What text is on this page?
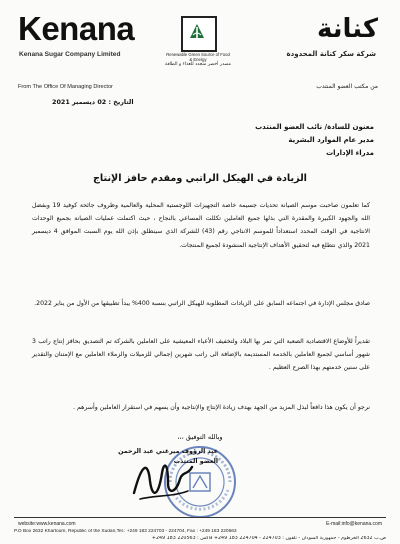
Kenana
Kenana Sugar Company Limited	Renewable Green Source of Food & Energy
مصدر أخضر متجدد للغذاء و الطاقة
كنانة
شركة سكر كنانة المحدودة
From The Office Of Managing Director	من مكتب العضو المنتدب
التاريخ : 02 ديسمبر 2021
معنون للسادة/ نائب العضو المنتدب
مدير عام الموارد البشرية
مدراء الإدارات
الزيادة في الهيكل الراتبي ومقدم حافز الإنتاج
كما تعلمون صاحبت موسم الصيانة تحديات جسيمة خاصة التجهيزات اللوجستية المحلية والعالمية وظروف جائحة كوفيد 19 وبفضل الله والجهود الكبيرة والمقدرة التي بذلها جميع العاملين تكللت المساعي بالنجاح ، حيث اكتملت عمليات الصيانة بجميع الوحدات الانتاجية في الوقت المحدد استعداداً للموسم الانتاجي رقم (43) للشركة الذي سينطلق بإذن الله يوم السبت الموافق 4 ديسمبر 2021 والذي نتطلع فيه لتحقيق الأهداف الإنتاجية المنشودة لجميع المنتجات.
صادق مجلس الإدارة في اجتماعه السابق على الزيادات المطلوبة للهيكل الراتبي بنسبة 400% يبدأ تطبيقها من الأول من يناير 2022.
تقديراً للأوضاع الاقتصادية الصعبة التي تمر بها البلاد ولتخفيف الأعباء المعيشية على العاملين بالشركة تم التصديق بحافز إنتاج راتب 3 شهور أساسي لجميع العاملين بالخدمة المستديمة بالإضافة الى راتب شهرين إجمالي للزميلات والزملاء العاملين مع الإمتنان والتقدير على سنين خدمتهم بهذا الصرح العظيم .
نرجو أن يكون هذا دافعاً لبذل المزيد من الجهد بهدف زيادة الإنتاج والإنتاجية وأن يسهم في استقرار العاملين وأسرهم .
وبالله التوفيق ،،،
عبد الرؤوف ميرغني عبد الرحمن
العضو المنتدب
website:www.kenana.com	E-mail:info@kenana.com
P.O Box 2632 Khartoum, Republic of the Sudan,Tel.: +249 183 224703 - 224704, Fax : +249 183 220563
ص.ب 2632 الخرطوم - جمهورية السودان - تلفون : 224703 - 224704 183 249+ فاكس : 220563 183 249+
